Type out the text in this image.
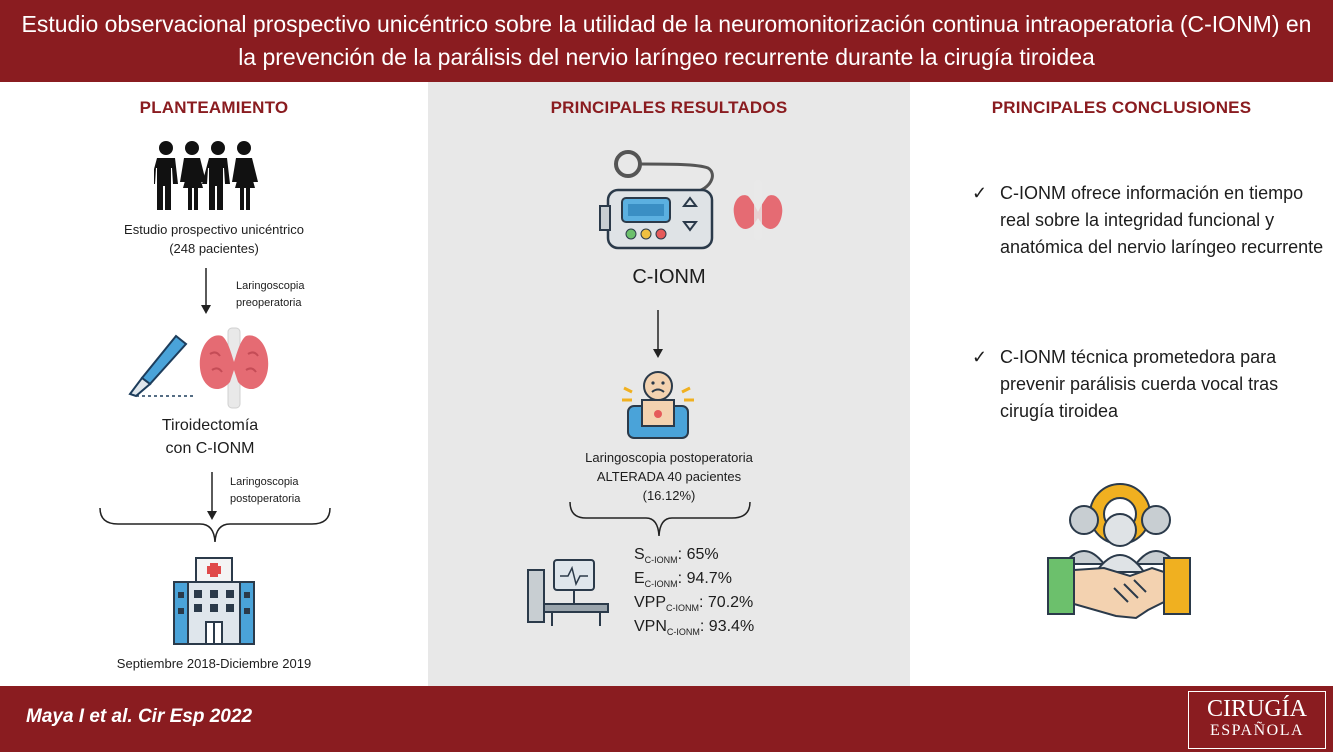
Estudio observacional prospectivo unicéntrico sobre la utilidad de la neuromonitorización continua intraoperatoria (C-IONM) en la prevención de la parálisis del nervio laríngeo recurrente durante la cirugía tiroidea
PLANTEAMIENTO
Estudio prospectivo unicéntrico
(248 pacientes)
Laringoscopia
preoperatoria
Tiroidectomía
con C-IONM
Laringoscopia
postoperatoria
Septiembre 2018-Diciembre 2019
PRINCIPALES RESULTADOS
C-IONM
Laringoscopia postoperatoria
ALTERADA 40 pacientes
(16.12%)
$S_{C-IONM}$: 65%
$E_{C-IONM}$: 94.7%
$VPP_{C-IONM}$: 70.2%
$VPN_{C-IONM}$: 93.4%
PRINCIPALES CONCLUSIONES
✓ C-IONM ofrece información en tiempo real sobre la integridad funcional y anatómica del nervio laríngeo recurrente
✓ C-IONM técnica prometedora para prevenir parálisis cuerda vocal tras cirugía tiroidea
Maya I et al. Cir Esp 2022	CIRUGÍA
ESPAÑOLA
